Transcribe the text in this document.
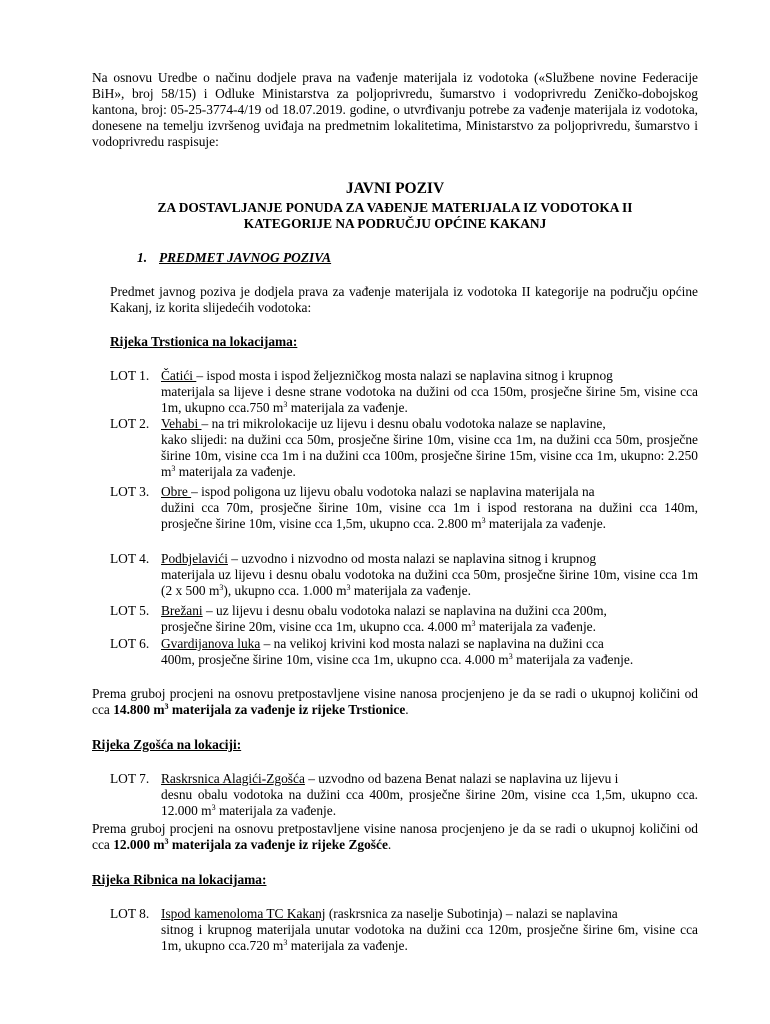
Na osnovu Uredbe o načinu dodjele prava na vađenje materijala iz vodotoka («Službene novine Federacije BiH», broj 58/15) i Odluke Ministarstva za poljoprivredu, šumarstvo i vodoprivredu Zeničko-dobojskog kantona, broj: 05-25-3774-4/19 od 18.07.2019. godine, o utvrđivanju potrebe za vađenje materijala iz vodotoka, donesene na temelju izvršenog uviđaja na predmetnim lokalitetima, Ministarstvo za poljoprivredu, šumarstvo i vodoprivredu raspisuje:

JAVNI POZIV

ZA DOSTAVLJANJE PONUDA ZA VAĐENJE MATERIJALA IZ VODOTOKA II

KATEGORIJE NA PODRUČJU OPĆINE KAKANJ

1. PREDMET JAVNOG POZIVA

Predmet javnog poziva je dodjela prava za vađenje materijala iz vodotoka II kategorije na području općine Kakanj, iz korita slijedećih vodotoka:

Rijeka Trstionica na lokacijama:

LOT 1. Čatići – ispod mosta i ispod željezničkog mosta nalazi se naplavina sitnog i krupnog
materijala sa lijeve i desne strane vodotoka na dužini od cca 150m, prosječne širine 5m, visine cca 1m, ukupno cca.750 $m^3$ materijala za vađenje.
LOT 2. Vehabi – na tri mikrolokacije uz lijevu i desnu obalu vodotoka nalaze se naplavine,
kako slijedi: na dužini cca 50m, prosječne širine 10m, visine cca 1m, na dužini cca 50m, prosječne širine 10m, visine cca 1m i na dužini cca 100m, prosječne širine 15m, visine cca 1m, ukupno: 2.250 $m^3$ materijala za vađenje.
LOT 3. Obre – ispod poligona uz lijevu obalu vodotoka nalazi se naplavina materijala na
dužini cca 70m, prosječne širine 10m, visine cca 1m i ispod restorana na dužini cca 140m, prosječne širine 10m, visine cca 1,5m, ukupno cca. 2.800 $m^3$ materijala za vađenje.
LOT 4. Podbjelavići – uzvodno i nizvodno od mosta nalazi se naplavina sitnog i krupnog
materijala uz lijevu i desnu obalu vodotoka na dužini cca 50m, prosječne širine 10m, visine cca 1m (2 x 500 $m^3$), ukupno cca. 1.000 $m^3$ materijala za vađenje.
LOT 5. Brežani – uz lijevu i desnu obalu vodotoka nalazi se naplavina na dužini cca 200m,
prosječne širine 20m, visine cca 1m, ukupno cca. 4.000 $m^3$ materijala za vađenje.
LOT 6. Gvardijanova luka – na velikoj krivini kod mosta nalazi se naplavina na dužini cca
400m, prosječne širine 10m, visine cca 1m, ukupno cca. 4.000 $m^3$ materijala za vađenje.

Prema gruboj procjeni na osnovu pretpostavljene visine nanosa procjenjeno je da se radi o ukupnoj količini od cca 14.800 $m^3$ materijala za vađenje iz rijeke Trstionice.

Rijeka Zgošća na lokaciji:

LOT 7. Raskrsnica Alagići-Zgošća – uzvodno od bazena Benat nalazi se naplavina uz lijevu i
desnu obalu vodotoka na dužini cca 400m, prosječne širine 20m, visine cca 1,5m, ukupno cca. 12.000 $m^3$ materijala za vađenje.

Prema gruboj procjeni na osnovu pretpostavljene visine nanosa procjenjeno je da se radi o ukupnoj količini od cca 12.000 $m^3$ materijala za vađenje iz rijeke Zgošće.

Rijeka Ribnica na lokacijama:

LOT 8. Ispod kamenoloma TC Kakanj (raskrsnica za naselje Subotinja) – nalazi se naplavina
sitnog i krupnog materijala unutar vodotoka na dužini cca 120m, prosječne širine 6m, visine cca 1m, ukupno cca.720 $m^3$ materijala za vađenje.
